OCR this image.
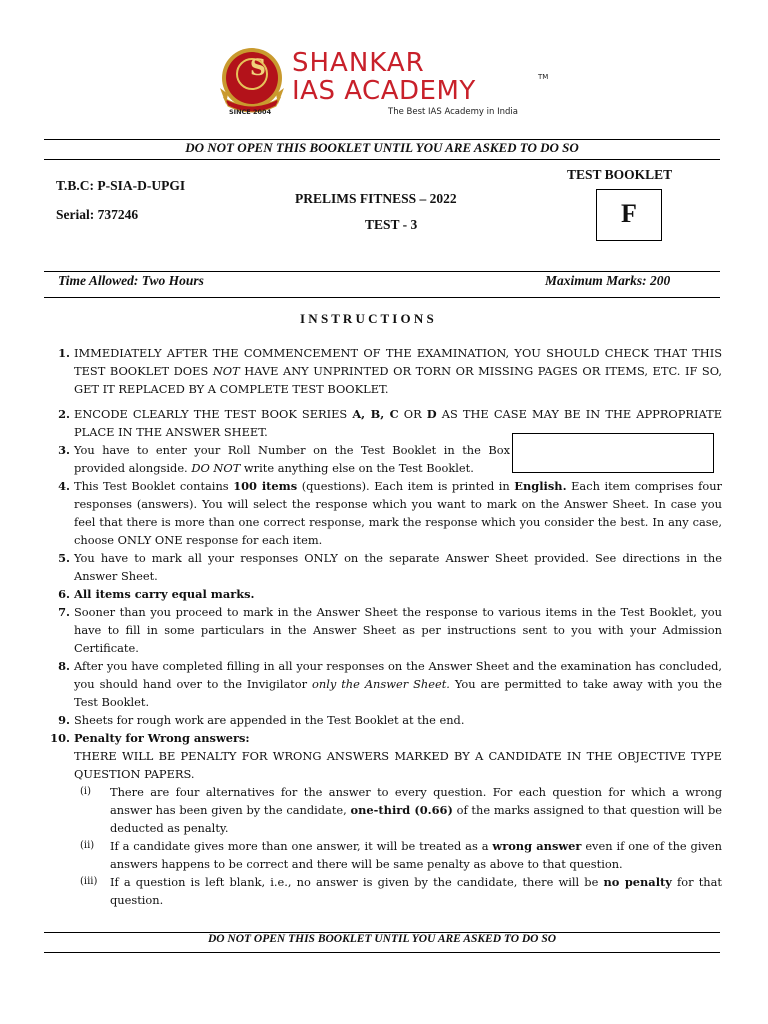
S
SINCE 2004
SHANKAR
IAS ACADEMY	TM
The Best IAS Academy in India
DO NOT OPEN THIS BOOKLET UNTIL YOU ARE ASKED TO DO SO
T.B.C: P-SIA-D-UPGI
Serial: 737246
PRELIMS FITNESS – 2022
TEST - 3
TEST BOOKLET
F
Time Allowed: Two Hours	Maximum Marks: 200
I N S T R U C T I O N S
1. IMMEDIATELY AFTER THE COMMENCEMENT OF THE EXAMINATION, YOU SHOULD CHECK THAT THIS TEST BOOKLET DOES NOT HAVE ANY UNPRINTED OR TORN OR MISSING PAGES OR ITEMS, ETC. IF SO, GET IT REPLACED BY A COMPLETE TEST BOOKLET.
2. ENCODE CLEARLY THE TEST BOOK SERIES A, B, C OR D AS THE CASE MAY BE IN THE APPROPRIATE PLACE IN THE ANSWER SHEET.
3. You have to enter your Roll Number on the Test Booklet in the Box provided alongside. DO NOT write anything else on the Test Booklet.
4. This Test Booklet contains 100 items (questions). Each item is printed in English. Each item comprises four responses (answers). You will select the response which you want to mark on the Answer Sheet. In case you feel that there is more than one correct response, mark the response which you consider the best. In any case, choose ONLY ONE response for each item.
5. You have to mark all your responses ONLY on the separate Answer Sheet provided. See directions in the Answer Sheet.
6. All items carry equal marks.
7. Sooner than you proceed to mark in the Answer Sheet the response to various items in the Test Booklet, you have to fill in some particulars in the Answer Sheet as per instructions sent to you with your Admission Certificate.
8. After you have completed filling in all your responses on the Answer Sheet and the examination has concluded, you should hand over to the Invigilator only the Answer Sheet. You are permitted to take away with you the Test Booklet.
9. Sheets for rough work are appended in the Test Booklet at the end.
10. Penalty for Wrong answers:
THERE WILL BE PENALTY FOR WRONG ANSWERS MARKED BY A CANDIDATE IN THE OBJECTIVE TYPE QUESTION PAPERS.
(i) There are four alternatives for the answer to every question. For each question for which a wrong answer has been given by the candidate, one-third (0.66) of the marks assigned to that question will be deducted as penalty.
(ii) If a candidate gives more than one answer, it will be treated as a wrong answer even if one of the given answers happens to be correct and there will be same penalty as above to that question.
(iii) If a question is left blank, i.e., no answer is given by the candidate, there will be no penalty for that question.
DO NOT OPEN THIS BOOKLET UNTIL YOU ARE ASKED TO DO SO
